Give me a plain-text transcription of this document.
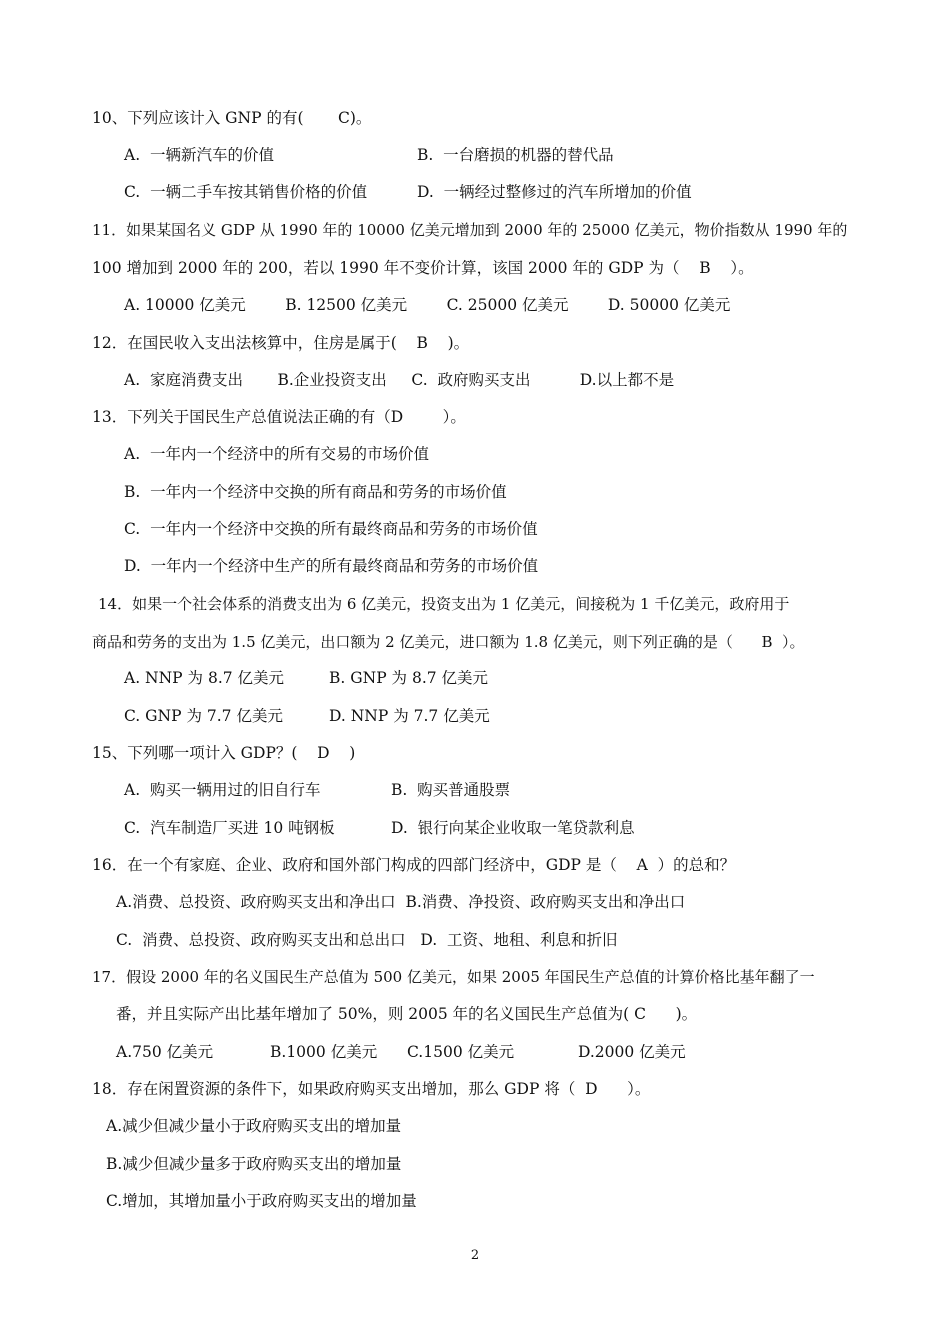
10、下列应该计入 GNP 的有(       C)。
A.  一辆新汽车的价值	B.  一台磨损的机器的替代品
C.  一辆二手车按其销售价格的价值	D.  一辆经过整修过的汽车所增加的价值
11．如果某国名义 GDP 从 1990 年的 10000 亿美元增加到 2000 年的 25000 亿美元，物价指数从 1990 年的
100 增加到 2000 年的 200，若以 1990 年不变价计算，该国 2000 年的 GDP 为（    B    ）。
A. 10000 亿美元        B. 12500 亿美元        C. 25000 亿美元        D. 50000 亿美元
12．在国民收入支出法核算中，住房是属于(    B    )。
A.  家庭消费支出       B.企业投资支出     C.  政府购买支出          D.以上都不是
13．下列关于国民生产总值说法正确的有（D        ）。
A.  一年内一个经济中的所有交易的市场价值
B.  一年内一个经济中交换的所有商品和劳务的市场价值
C.  一年内一个经济中交换的所有最终商品和劳务的市场价值
D.  一年内一个经济中生产的所有最终商品和劳务的市场价值
14．如果一个社会体系的消费支出为 6 亿美元，投资支出为 1 亿美元，间接税为 1 千亿美元，政府用于
商品和劳务的支出为 1.5 亿美元，出口额为 2 亿美元，进口额为 1.8 亿美元，则下列正确的是（      B  ）。
A. NNP 为 8.7 亿美元	B. GNP 为 8.7 亿美元
C. GNP 为 7.7 亿美元	D. NNP 为 7.7 亿美元
15、下列哪一项计入 GDP？(    D    )
A.  购买一辆用过的旧自行车	B.  购买普通股票
C.  汽车制造厂买进 10 吨钢板	D.  银行向某企业收取一笔贷款利息
16．在一个有家庭、企业、政府和国外部门构成的四部门经济中，GDP 是（    A  ）的总和？
A.消费、总投资、政府购买支出和净出口  B.消费、净投资、政府购买支出和净出口
C.  消费、总投资、政府购买支出和总出口   D.  工资、地租、利息和折旧
17．假设 2000 年的名义国民生产总值为 500 亿美元，如果 2005 年国民生产总值的计算价格比基年翻了一
番，并且实际产出比基年增加了 50%，则 2005 年的名义国民生产总值为( C      )。
A.750 亿美元	B.1000 亿美元 C.1500 亿美元	D.2000 亿美元
18．存在闲置资源的条件下，如果政府购买支出增加，那么 GDP 将（  D      ）。
A.减少但减少量小于政府购买支出的增加量
B.减少但减少量多于政府购买支出的增加量
C.增加，其增加量小于政府购买支出的增加量
2
